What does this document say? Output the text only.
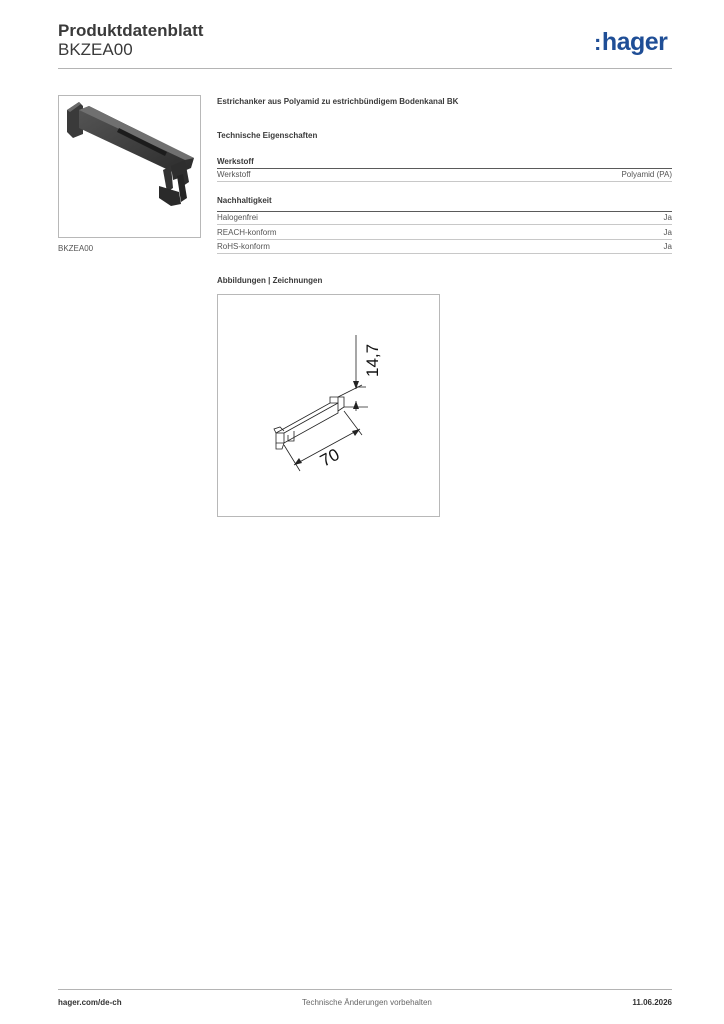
Produktdatenblatt
BKZEA00	:hager
BKZEA00
Estrichanker aus Polyamid zu estrichbündigem Bodenkanal BK
Technische Eigenschaften
Werkstoff
Werkstoff	Polyamid (PA)
Nachhaltigkeit
Halogenfrei	Ja
REACH-konform	Ja
RoHS-konform	Ja
Abbildungen | Zeichnungen
14,7
70
hager.com/de-ch	Technische Änderungen vorbehalten	11.06.2026
